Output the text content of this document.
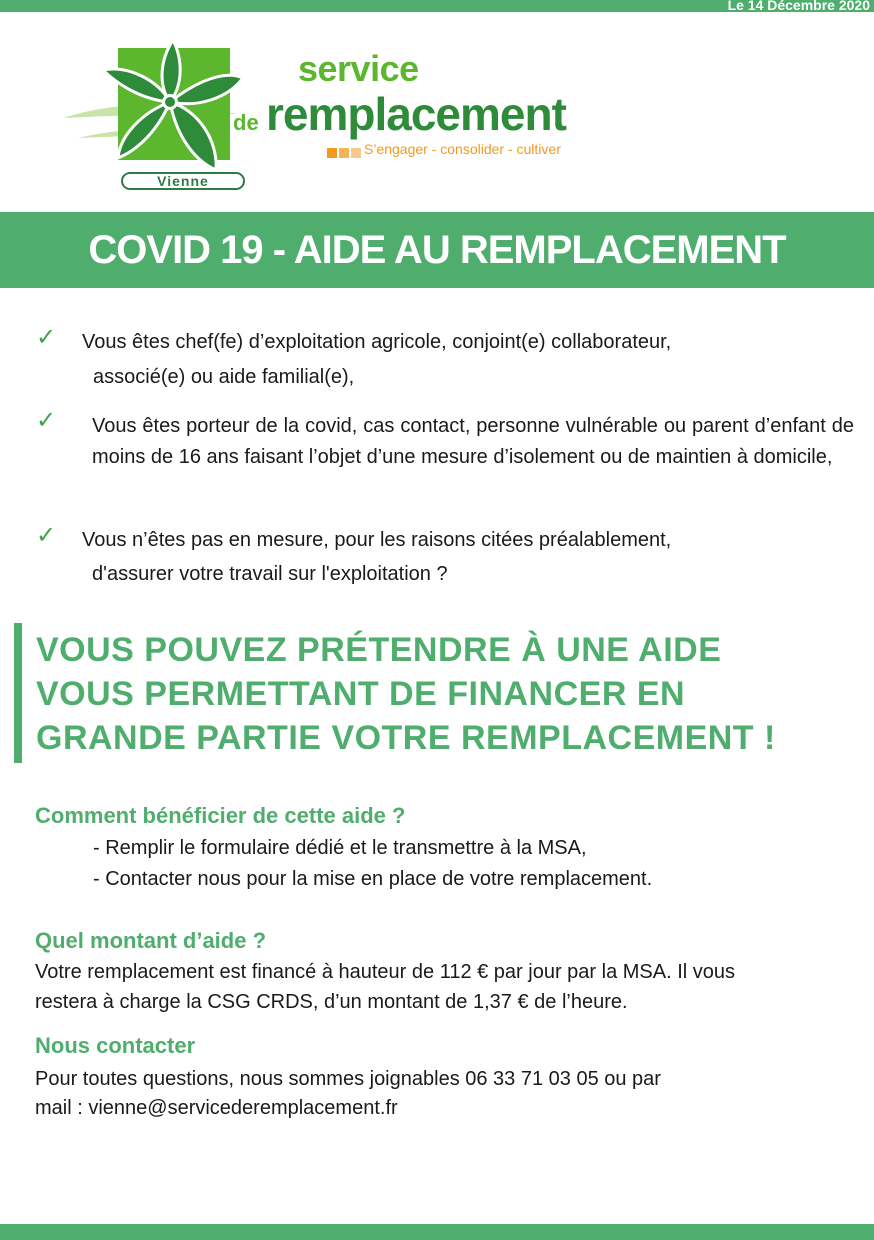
Le 14 Décembre 2020
Vienne
service
de remplacement
S’engager - consolider - cultiver
COVID 19 - AIDE AU REMPLACEMENT
✓ Vous êtes chef(fe) d’exploitation agricole, conjoint(e) collaborateur,
associé(e) ou aide familial(e),
✓ Vous êtes porteur de la covid, cas contact, personne vulnérable ou parent d’enfant de moins de 16 ans faisant l’objet d’une mesure d’isolement ou de maintien à domicile,
✓ Vous n’êtes pas en mesure, pour les raisons citées préalablement,
d'assurer votre travail sur l'exploitation ?
VOUS POUVEZ PRÉTENDRE À UNE AIDE
VOUS PERMETTANT DE FINANCER EN
GRANDE PARTIE VOTRE REMPLACEMENT !
Comment bénéficier de cette aide ?
- Remplir le formulaire dédié et le transmettre à la MSA,
- Contacter nous pour la mise en place de votre remplacement.
Quel montant d’aide ?
Votre remplacement est financé à hauteur de 112 € par jour par la MSA. Il vous
restera à charge la CSG CRDS, d’un montant de 1,37 € de l’heure.
Nous contacter
Pour toutes questions, nous sommes joignables 06 33 71 03 05 ou par
mail : vienne@servicederemplacement.fr
